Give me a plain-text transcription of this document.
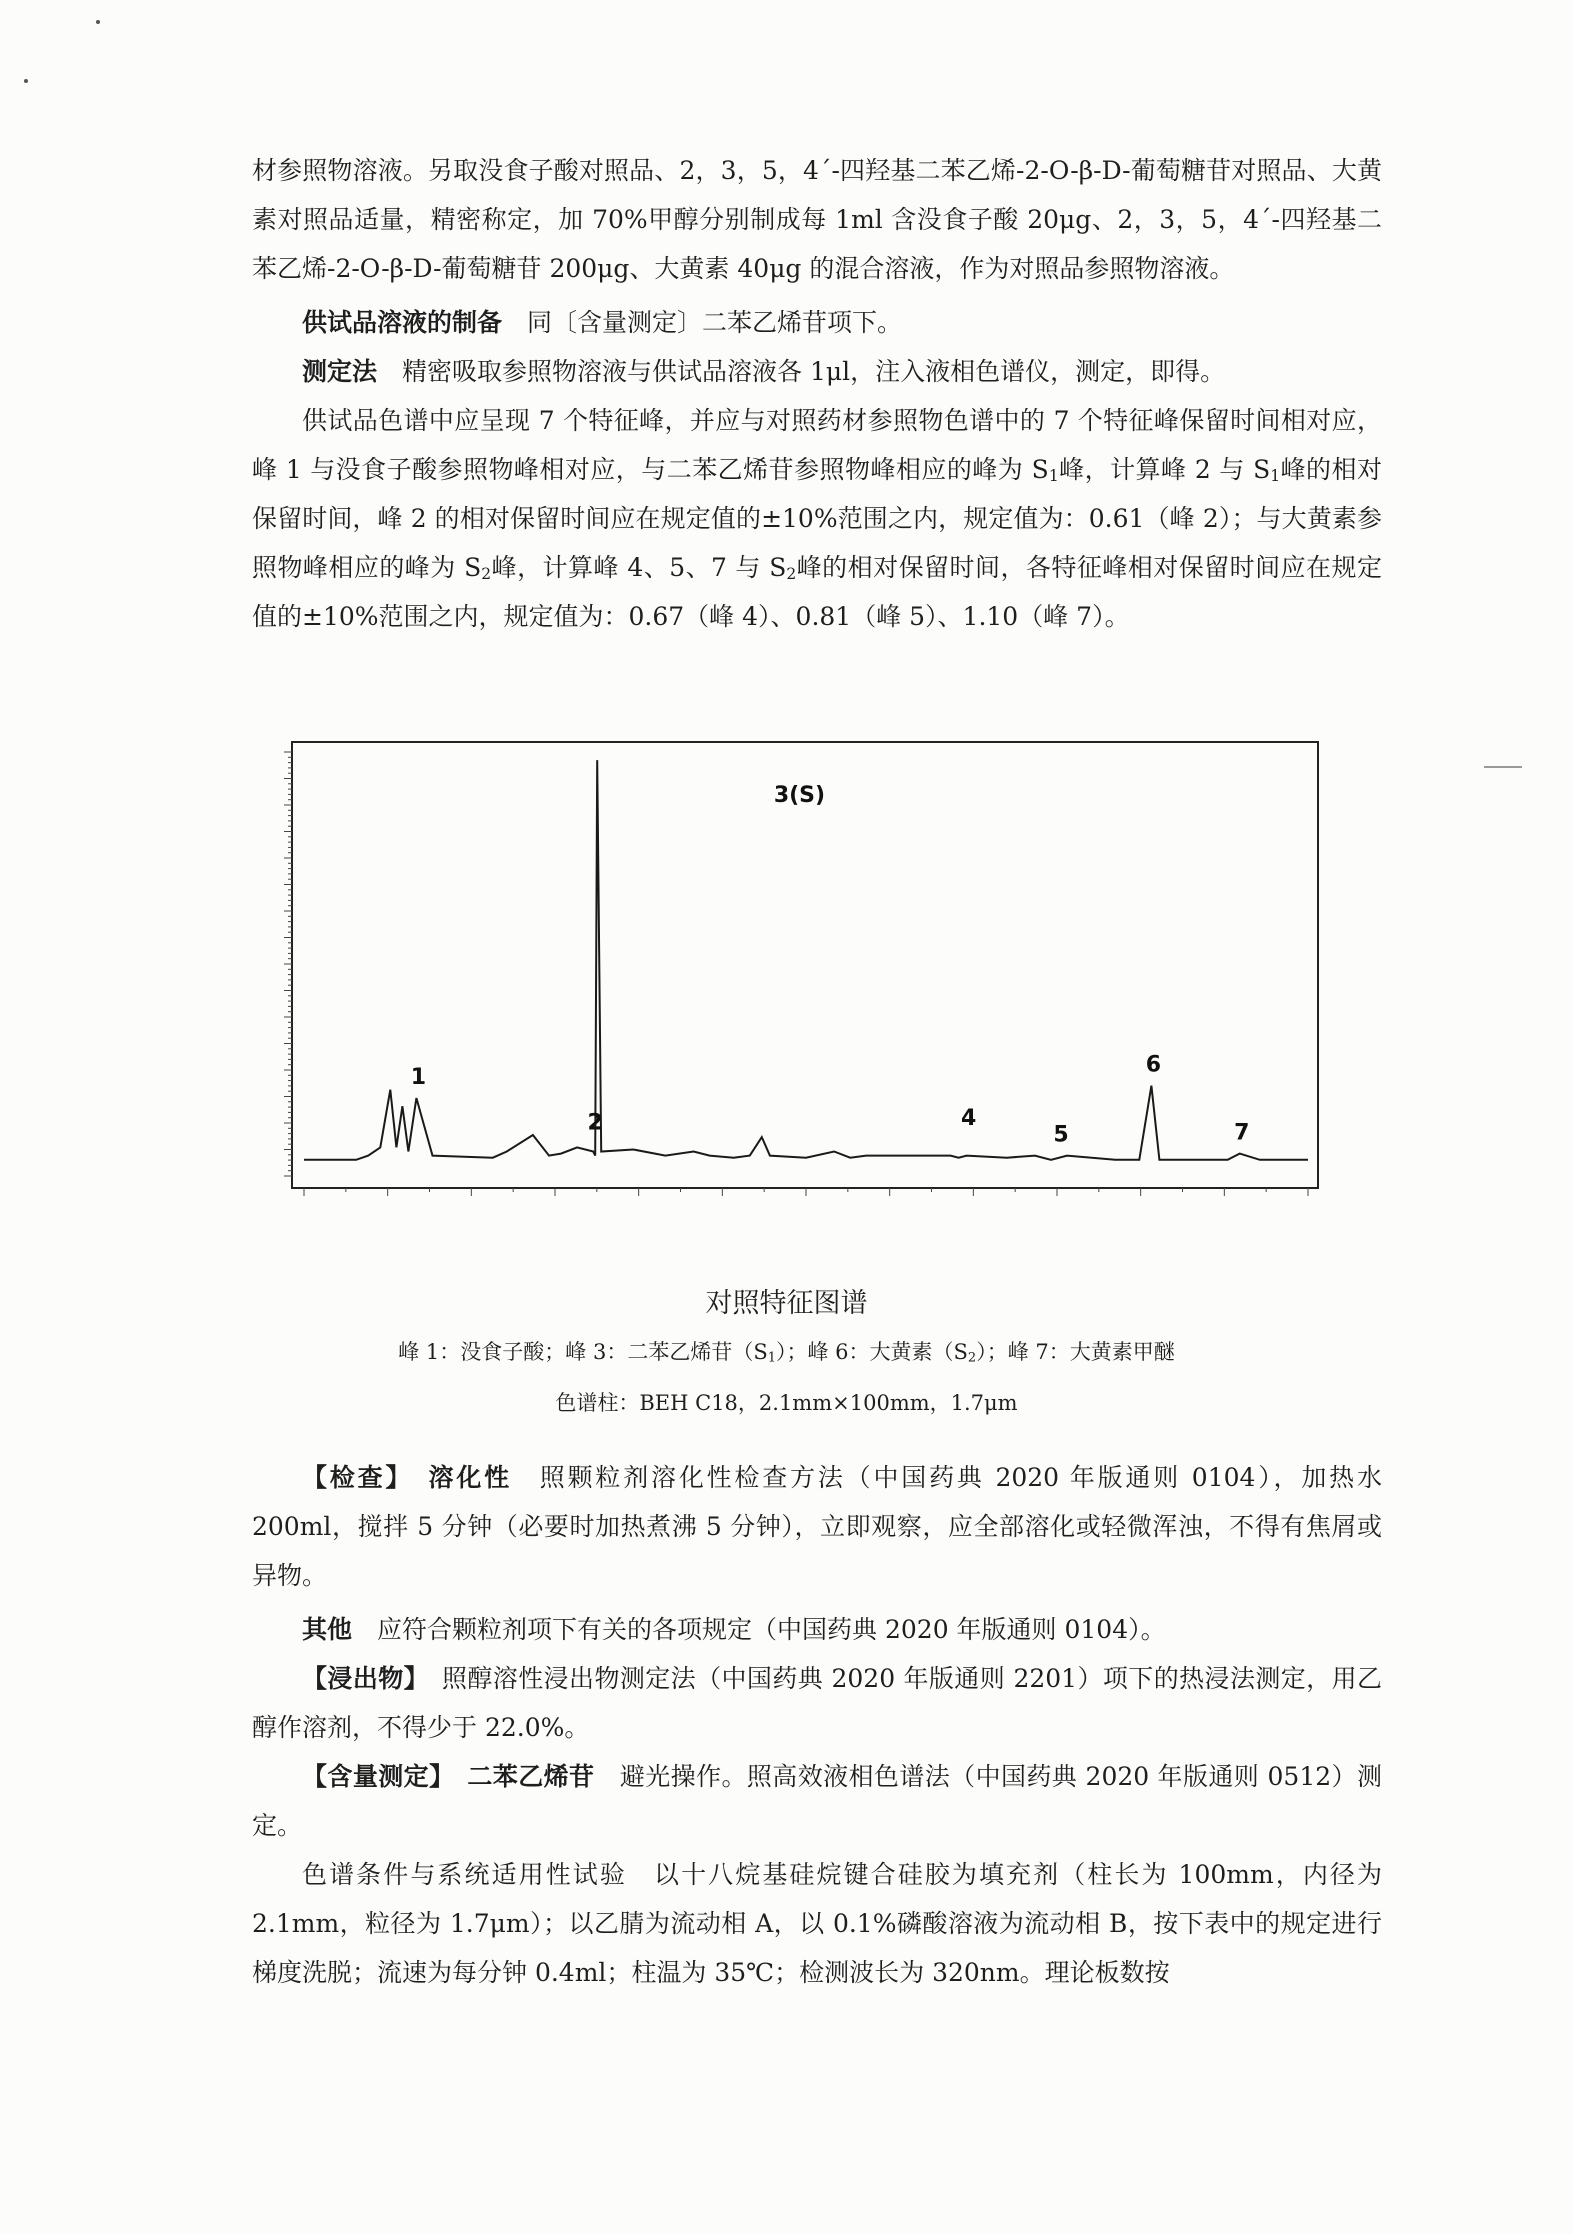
材参照物溶液。另取没食子酸对照品、2，3，5，4´-四羟基二苯乙烯-2-O-β-D-葡萄糖苷对照品、大黄素对照品适量，精密称定，加 70%甲醇分别制成每 1ml 含没食子酸 20μg、2，3，5，4´-四羟基二苯乙烯-2-O-β-D-葡萄糖苷 200μg、大黄素 40μg 的混合溶液，作为对照品参照物溶液。

供试品溶液的制备　 同〔含量测定〕二苯乙烯苷项下。

测定法　 精密吸取参照物溶液与供试品溶液各 1μl，注入液相色谱仪，测定，即得。

供试品色谱中应呈现 7 个特征峰，并应与对照药材参照物色谱中的 7 个特征峰保留时间相对应，峰 1 与没食子酸参照物峰相对应，与二苯乙烯苷参照物峰相应的峰为 $S_1$峰，计算峰 2 与 $S_1$峰的相对保留时间，峰 2 的相对保留时间应在规定值的±10%范围之内，规定值为：0.61（峰 2）；与大黄素参照物峰相应的峰为 $S_2$峰，计算峰 4、5、7 与 $S_2$峰的相对保留时间，各特征峰相对保留时间应在规定值的±10%范围之内，规定值为：0.67（峰 4）、0.81（峰 5）、1.10（峰 7）。

1
2
3(S)
4
5
6
7
对照特征图谱
峰 1：没食子酸；峰 3：二苯乙烯苷$(S_1)$；峰 6：大黄素$(S_2)$；峰 7：大黄素甲醚
色谱柱：BEH C18，2.1mm×100mm，1.7μm

【检查】　 溶化性　 照颗粒剂溶化性检查方法（中国药典 2020 年版通则 0104），加热水 200ml，搅拌 5 分钟（必要时加热煮沸 5 分钟），立即观察，应全部溶化或轻微浑浊，不得有焦屑或异物。

其他　 应符合颗粒剂项下有关的各项规定（中国药典 2020 年版通则 0104）。

【浸出物】　 照醇溶性浸出物测定法（中国药典 2020 年版通则 2201）项下的热浸法测定，用乙醇作溶剂，不得少于 22.0%。

【含量测定】　 二苯乙烯苷　 避光操作。照高效液相色谱法（中国药典 2020 年版通则 0512）测定。

色谱条件与系统适用性试验　以十八烷基硅烷键合硅胶为填充剂（柱长为 100mm，内径为 2.1mm，粒径为 1.7μm）；以乙腈为流动相 A，以 0.1%磷酸溶液为流动相 B，按下表中的规定进行梯度洗脱；流速为每分钟 0.4ml；柱温为 35℃；检测波长为 320nm。理论板数按
